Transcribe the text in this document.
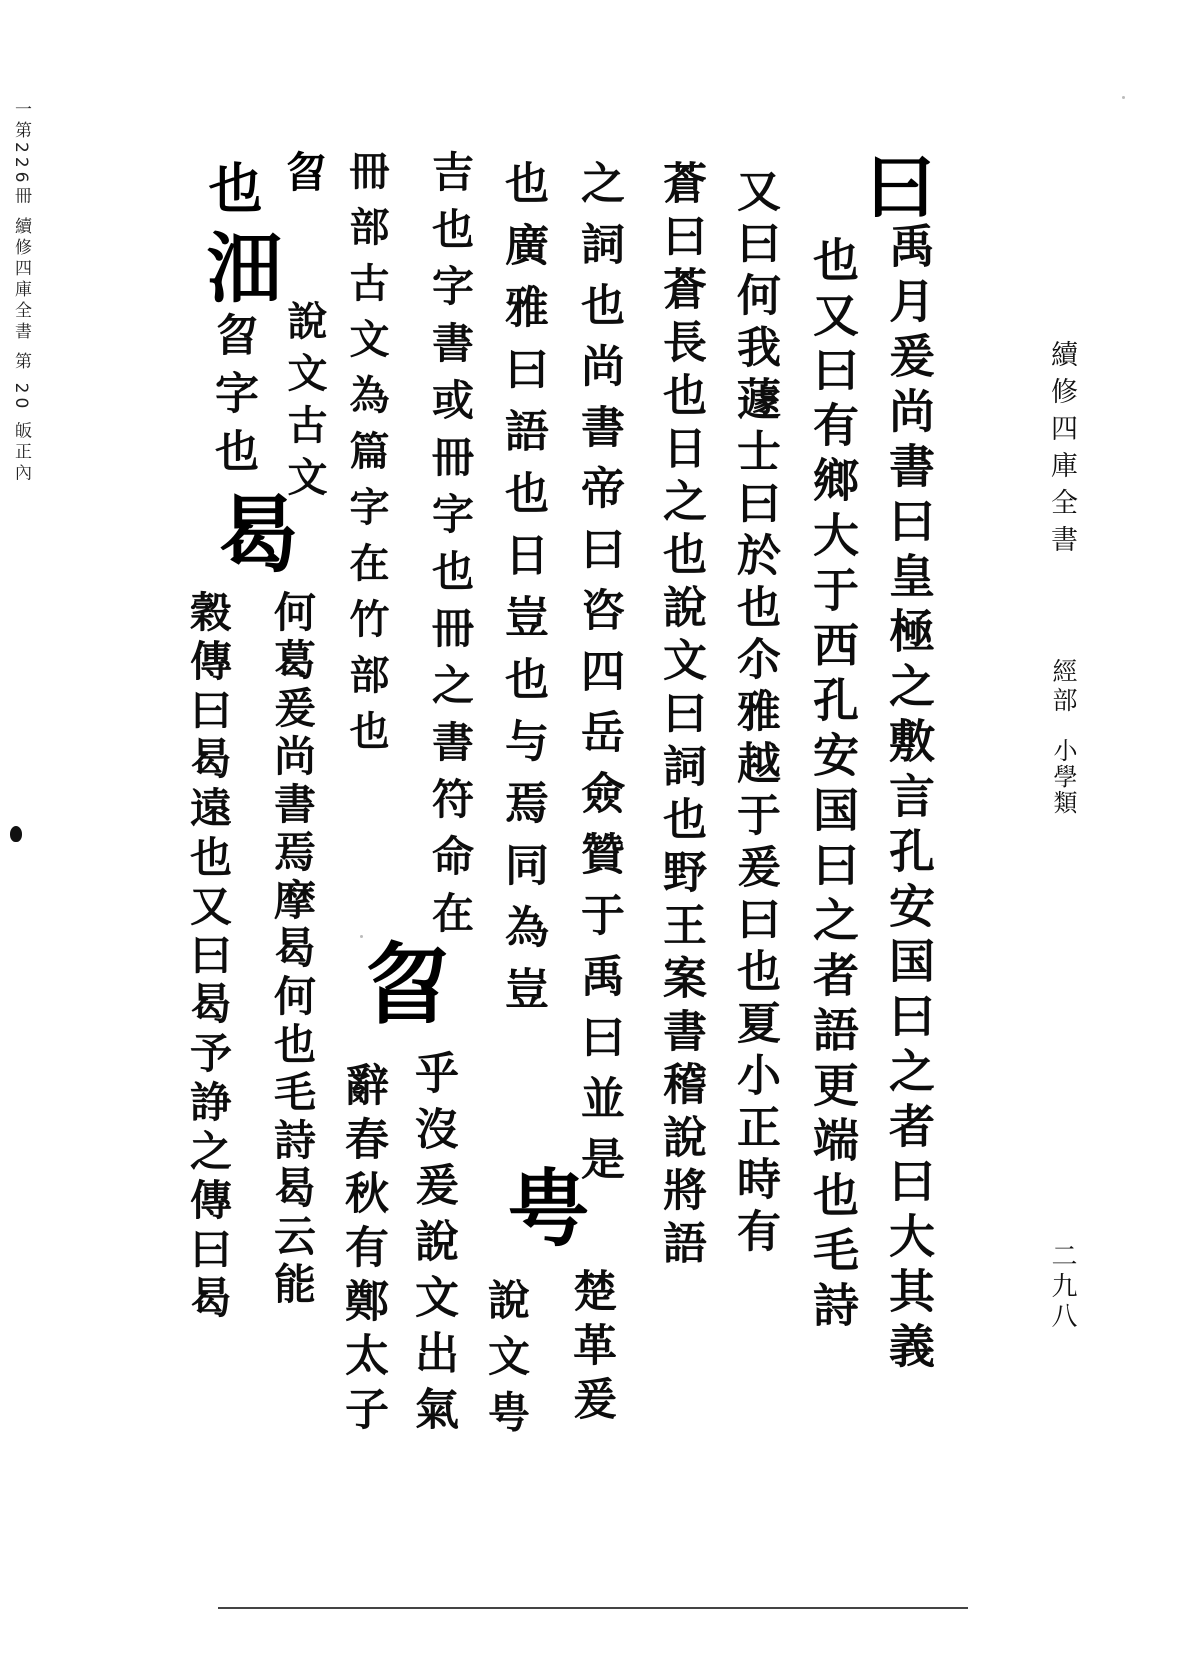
一第226冊 續修四庫全書 第 20 皈正內	續修四庫全書
經部
小學類
二九八
曰
禹月爰尚書曰皇極之敷言孔安国曰之者曰大其義
也又曰有鄉大于西孔安国曰之者語更端也毛詩
又曰何我蘧士曰於也尒雅越于爰曰也夏小正時有
蒼曰蒼長也日之也說文曰詞也野王案書稽說將語
之詞也尚書帝曰咨四岳僉贊于禹曰並是
甹
楚革爰
也廣雅曰語也日豈也与焉同為豈
說文甹
吉也字書或冊字也冊之書符命在
乎沒爰說文出氣
冊部古文為篇字在竹部也
曶
辭春秋有鄭太子
曶
說文古文
何葛爰尚書焉摩曷何也毛詩曷云能
也
沺
曶字也
曷
穀傳曰曷遠也又曰曷予諍之傳曰曷
